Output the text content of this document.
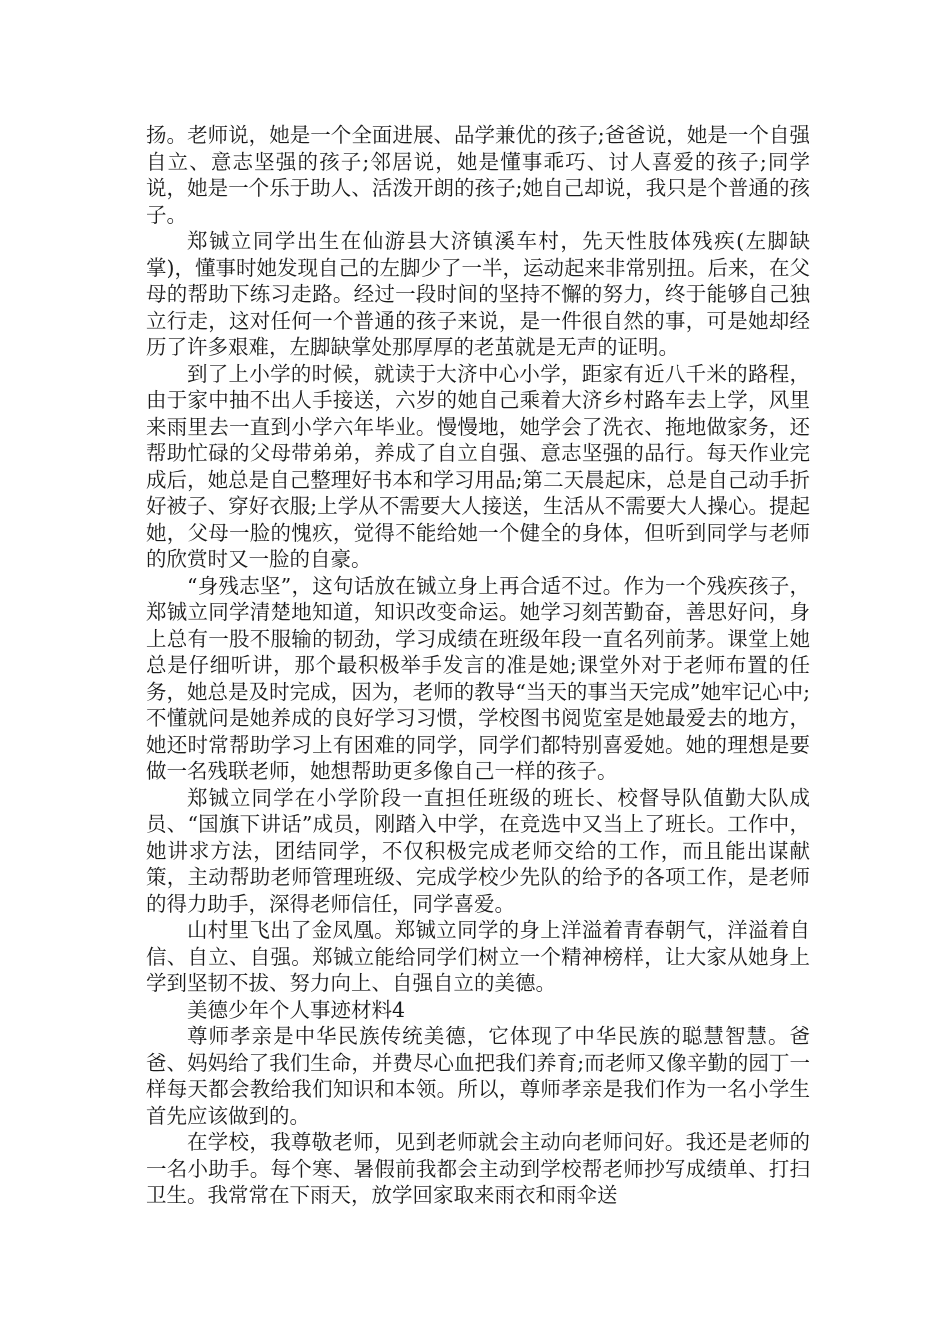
扬。老师说，她是一个全面进展、品学兼优的孩子;爸爸说，她是一个自强自立、意志坚强的孩子;邻居说，她是懂事乖巧、讨人喜爱的孩子;同学说，她是一个乐于助人、活泼开朗的孩子;她自己却说，我只是个普通的孩子。

郑铖立同学出生在仙游县大济镇溪车村，先天性肢体残疾(左脚缺掌)，懂事时她发现自己的左脚少了一半，运动起来非常别扭。后来，在父母的帮助下练习走路。经过一段时间的坚持不懈的努力，终于能够自己独立行走，这对任何一个普通的孩子来说，是一件很自然的事，可是她却经历了许多艰难，左脚缺掌处那厚厚的老茧就是无声的证明。

到了上小学的时候，就读于大济中心小学，距家有近八千米的路程，由于家中抽不出人手接送，六岁的她自己乘着大济乡村路车去上学，风里来雨里去一直到小学六年毕业。慢慢地，她学会了洗衣、拖地做家务，还帮助忙碌的父母带弟弟，养成了自立自强、意志坚强的品行。每天作业完成后，她总是自己整理好书本和学习用品;第二天晨起床，总是自己动手折好被子、穿好衣服;上学从不需要大人接送，生活从不需要大人操心。提起她，父母一脸的愧疚，觉得不能给她一个健全的身体，但听到同学与老师的欣赏时又一脸的自豪。

“身残志坚”，这句话放在铖立身上再合适不过。作为一个残疾孩子，郑铖立同学清楚地知道，知识改变命运。她学习刻苦勤奋，善思好问，身上总有一股不服输的韧劲，学习成绩在班级年段一直名列前茅。课堂上她总是仔细听讲，那个最积极举手发言的准是她;课堂外对于老师布置的任务，她总是及时完成，因为，老师的教导“当天的事当天完成”她牢记心中;不懂就问是她养成的良好学习习惯，学校图书阅览室是她最爱去的地方，她还时常帮助学习上有困难的同学，同学们都特别喜爱她。她的理想是要做一名残联老师，她想帮助更多像自己一样的孩子。

郑铖立同学在小学阶段一直担任班级的班长、校督导队值勤大队成员、“国旗下讲话”成员，刚踏入中学，在竞选中又当上了班长。工作中，她讲求方法，团结同学，不仅积极完成老师交给的工作，而且能出谋献策，主动帮助老师管理班级、完成学校少先队的给予的各项工作，是老师的得力助手，深得老师信任，同学喜爱。

山村里飞出了金凤凰。郑铖立同学的身上洋溢着青春朝气，洋溢着自信、自立、自强。郑铖立能给同学们树立一个精神榜样，让大家从她身上学到坚韧不拔、努力向上、自强自立的美德。

美德少年个人事迹材料4

尊师孝亲是中华民族传统美德，它体现了中华民族的聪慧智慧。爸爸、妈妈给了我们生命，并费尽心血把我们养育;而老师又像辛勤的园丁一样每天都会教给我们知识和本领。所以，尊师孝亲是我们作为一名小学生首先应该做到的。

在学校，我尊敬老师，见到老师就会主动向老师问好。我还是老师的一名小助手。每个寒、暑假前我都会主动到学校帮老师抄写成绩单、打扫卫生。我常常在下雨天，放学回家取来雨衣和雨伞送
